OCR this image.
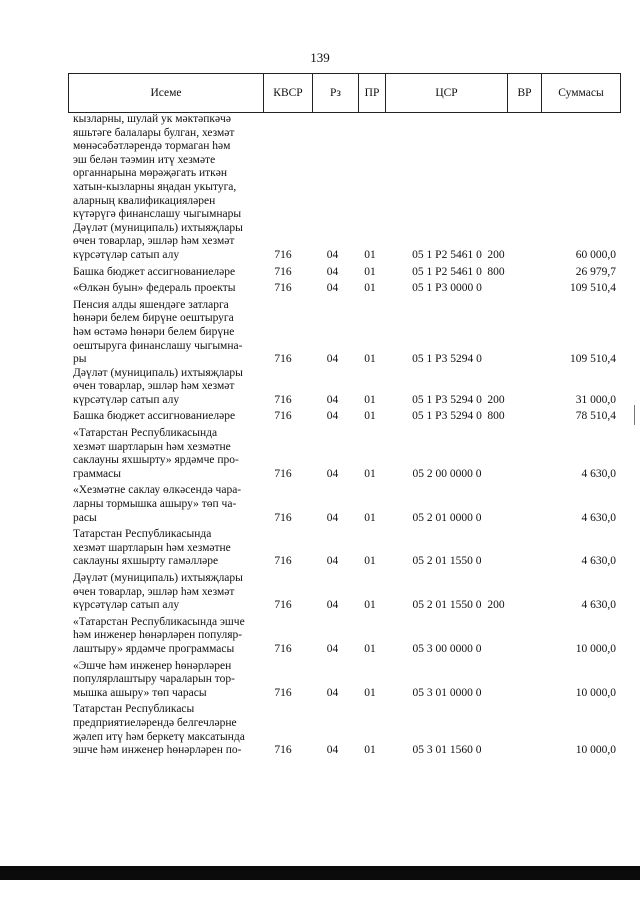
139
Исеме	КВСР	Рз	ПР	ЦСР	ВР	Суммасы
кызларны, шулай ук мәктәпкәчә
яшьтәге балалары булган, хезмәт
мөнәсәбәтләрендә тормаган һәм
эш белән тәэмин итү хезмәте
органнарына мөрәҗәгать иткән
хатын-кызларны яңадан укытуга,
аларның квалификацияләрен
күтәрүгә финанслашу чыгымнары
Дәүләт (муниципаль) ихтыяҗлары
өчен товарлар, эшләр һәм хезмәт
күрсәтүләр сатып алу	716	04	01	05 1 Р2 5461 0 200	60 000,0
Башка бюджет ассигнованиеләре	716	04	01	05 1 Р2 5461 0 800	26 979,7
«Өлкән буын» федераль проекты	716	04	01	05 1 Р3 0000 0	109 510,4
Пенсия алды яшендәге затларга
һөнәри белем бирүне оештыруга
һәм өстәмә һөнәри белем бирүне
оештыруга финанслашу чыгымна-
ры	716	04	01	05 1 Р3 5294 0	109 510,4
Дәүләт (муниципаль) ихтыяҗлары
өчен товарлар, эшләр һәм хезмәт
күрсәтүләр сатып алу	716	04	01	05 1 Р3 5294 0 200	31 000,0
Башка бюджет ассигнованиеләре	716	04	01	05 1 Р3 5294 0 800	78 510,4
«Татарстан Республикасында
хезмәт шартларын һәм хезмәтне
саклауны яхшырту» ярдәмче про-
граммасы	716	04	01	05 2 00 0000 0	4 630,0
«Хезмәтне саклау өлкәсендә чара-
ларны тормышка ашыру» төп ча-
расы	716	04	01	05 2 01 0000 0	4 630,0
Татарстан Республикасында
хезмәт шартларын һәм хезмәтне
саклауны яхшырту гамәлләре	716	04	01	05 2 01 1550 0	4 630,0
Дәүләт (муниципаль) ихтыяҗлары
өчен товарлар, эшләр һәм хезмәт
күрсәтүләр сатып алу	716	04	01	05 2 01 1550 0 200	4 630,0
«Татарстан Республикасында эшче
һәм инженер һөнәрләрен популяр-
лаштыру» ярдәмче программасы	716	04	01	05 3 00 0000 0	10 000,0
«Эшче һәм инженер һөнәрләрен
популярлаштыру чараларын тор-
мышка ашыру» төп чарасы	716	04	01	05 3 01 0000 0	10 000,0
Татарстан Республикасы
предприятиеләрендә белгечләрне
җәлеп итү һәм беркетү максатында
эшче һәм инженер һөнәрләрен по-	716	04	01	05 3 01 1560 0	10 000,0
